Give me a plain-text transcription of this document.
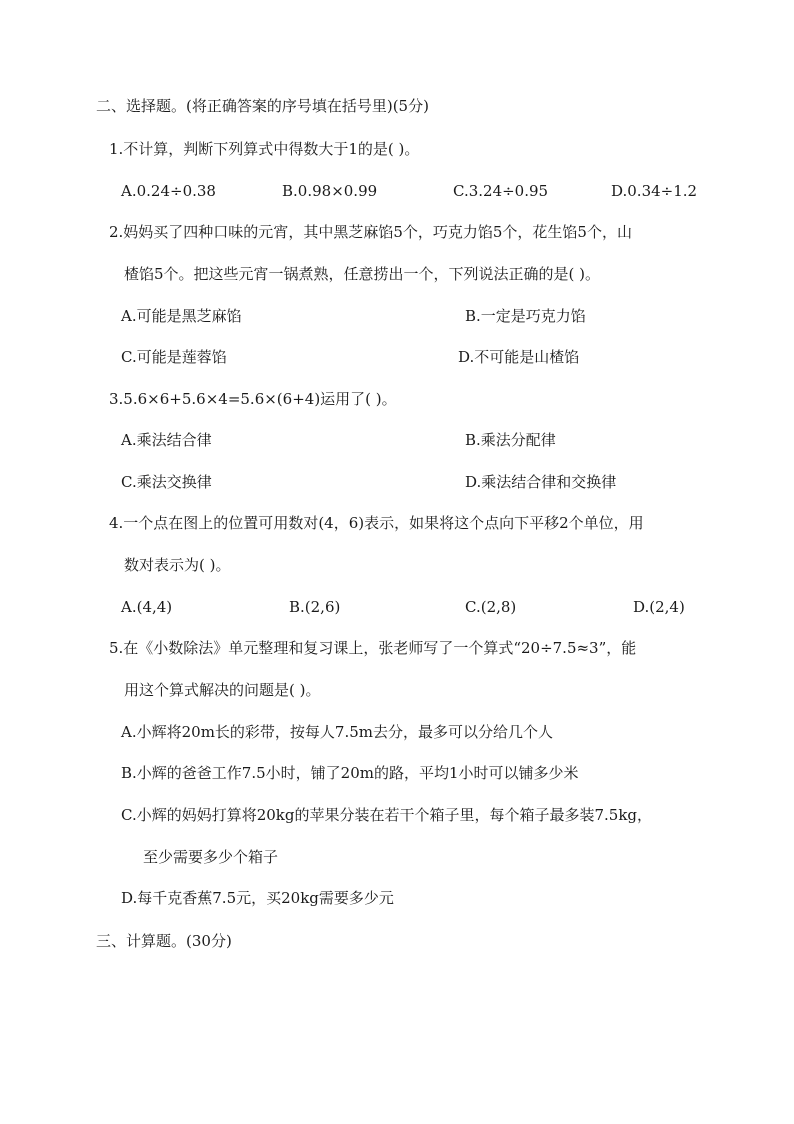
二、选择题。(将正确答案的序号填在括号里)(5分)
1.不计算，判断下列算式中得数大于1的是( )。
A.0.24÷0.38	B.0.98×0.99	C.3.24÷0.95	D.0.34÷1.2
2.妈妈买了四种口味的元宵，其中黑芝麻馅5个，巧克力馅5个，花生馅5个，山
楂馅5个。把这些元宵一锅煮熟，任意捞出一个，下列说法正确的是( )。
A.可能是黑芝麻馅	B.一定是巧克力馅
C.可能是莲蓉馅	D.不可能是山楂馅
3.5.6×6+5.6×4=5.6×(6+4)运用了( )。
A.乘法结合律	B.乘法分配律
C.乘法交换律	D.乘法结合律和交换律
4.一个点在图上的位置可用数对(4，6)表示，如果将这个点向下平移2个单位，用
数对表示为( )。
A.(4,4)	B.(2,6)	C.(2,8)	D.(2,4)
5.在《小数除法》单元整理和复习课上，张老师写了一个算式“20÷7.5≈3”，能
用这个算式解决的问题是( )。
A.小辉将20m长的彩带，按每人7.5m去分，最多可以分给几个人
B.小辉的爸爸工作7.5小时，铺了20m的路，平均1小时可以铺多少米
C.小辉的妈妈打算将20kg的苹果分装在若干个箱子里，每个箱子最多装7.5kg，
至少需要多少个箱子
D.每千克香蕉7.5元，买20kg需要多少元
三、计算题。(30分)
